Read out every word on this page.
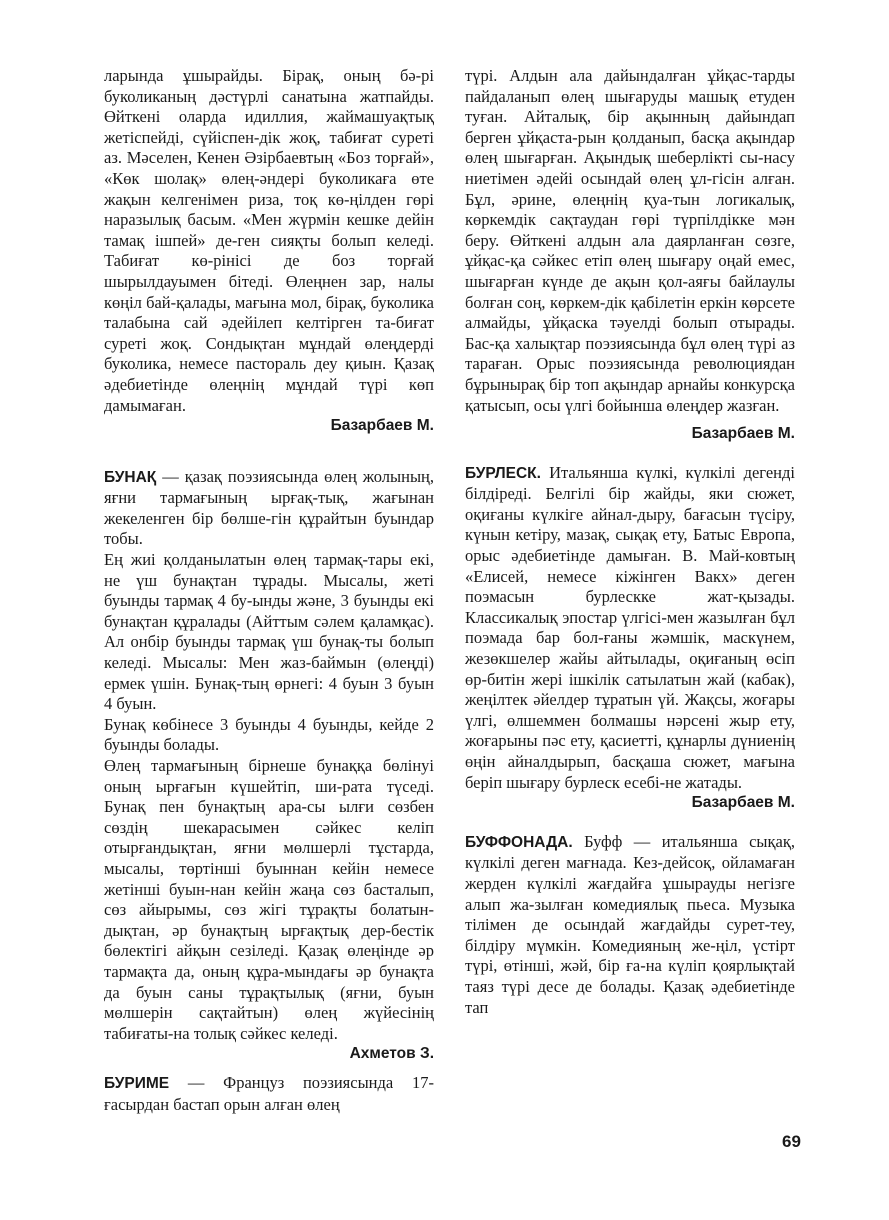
ларында ұшырайды. Бірақ, оның бә-рі буколиканың дәстүрлі санатына жатпайды. Өйткені оларда идиллия, жаймашуақтық жетіспейді, сүйіспен-дік жоқ, табиғат суреті аз. Мәселен, Кенен Әзірбаевтың «Боз торғай», «Көк шолақ» өлең-əндері буколикаға өте жақын келгенімен риза, тоқ кө-ңілден гөрі наразылық басым. «Мен жүрмін кешке дейін тамақ ішпей» де-ген сияқты болып келеді. Табиғат кө-рінісі де боз торғай шырылдауымен бітеді. Өлеңнен зар, налы көңіл бай-қалады, мағына мол, бірақ, буколика талабына сай әдейілеп келтірген та-биғат суреті жоқ. Сондықтан мұндай өлеңдерді буколика, немесе пастораль деу қиын. Қазақ әдебиетінде өлеңнің мұндай түрі көп дамымаған.

Базарбаев М.

БУНАҚ — қазақ поэзиясында өлең жолының, яғни тармағының ырғақ-тық, жағынан жекеленген бір бөлше-гін құрайтын буындар тобы.

Ең жиі қолданылатын өлең тармақ-тары екі, не үш бунақтан тұрады. Мысалы, жеті буынды тармақ 4 бу-ынды және, 3 буынды екі бунақтан құралады (Айттым сәлем қаламқас). Ал онбір буынды тармақ үш бунақ-ты болып келеді. Мысалы: Мен жаз-баймын (өлеңді) ермек үшін. Бунақ-тың өрнегі: 4 буын 3 буын 4 буын.

Бунақ көбінесе 3 буынды 4 буынды, кейде 2 буынды болады.

Өлең тармағының бірнеше бунаққа бөлінуі оның ырғағын күшейтіп, ши-рата түседі. Бунақ пен бунақтың ара-сы ылғи сөзбен сөздің шекарасымен сәйкес келіп отырғандықтан, яғни мөлшерлі тұстарда, мысалы, төртінші буыннан кейін немесе жетінші буын-нан кейін жаңа сөз басталып, сөз айырымы, сөз жігі тұрақты болатын-дықтан, әр бунақтың ырғақтық дер-бестік бөлектігі айқын сезіледі. Қазақ өлеңінде әр тармақта да, оның құра-мындағы әр бунақта да буын саны тұрақтылық (яғни, буын мөлшерін сақтайтын) өлең жүйесінің табиғаты-на толық сәйкес келеді.

Ахметов З.

БУРИМЕ — Француз поэзиясында 17-ғасырдан бастап орын алған өлең

түрі. Алдын ала дайындалған ұйқас-тарды пайдаланып өлең шығаруды машық етуден туған. Айталық, бір ақынның дайындап берген ұйқаста-рын қолданып, басқа ақындар өлең шығарған. Ақындық шеберлікті сы-насу ниетімен әдейі осындай өлең ұл-гісін алған. Бұл, әрине, өлеңнің қуа-тын логикалық, көркемдік сақтаудан гөрі түрпілдікке мән беру. Өйткені алдын ала даярланған сөзге, ұйқас-қа сәйкес етіп өлең шығару оңай емес, шығарған күнде де ақын қол-аяғы байлаулы болған соң, көркем-дік қабілетін еркін көрсете алмайды, ұйқаска тәуелді болып отырады. Бас-қа халықтар поэзиясында бұл өлең түрі аз тараған. Орыс поэзиясында революциядан бұрынырақ бір топ ақындар арнайы конкурсқа қатысып, осы үлгі бойынша өлеңдер жазған.

Базарбаев М.

БУРЛЕСК. Итальянша күлкі, күлкілі дегенді білдіреді. Белгілі бір жайды, яки сюжет, оқиғаны күлкіге айнал-дыру, бағасын түсіру, күнын кетіру, мазақ, сықақ ету, Батыс Европа, орыс әдебиетінде дамыған. В. Май-ковтың «Елисей, немесе кіжінген Вакх» деген поэмасын бурлескке жат-қызады. Классикалық эпостар үлгісі-мен жазылған бұл поэмада бар бол-ғаны жәмшік, маскүнем, жезөкшелер жайы айтылады, оқиғаның өсіп өр-битін жері ішкілік сатылатын жай (кабак), жеңілтек әйелдер тұратын үй. Жақсы, жоғары үлгі, өлшеммен болмашы нәрсені жыр ету, жоғарыны пәс ету, қасиетті, құнарлы дүниенің өңін айналдырып, басқаша сюжет, мағына беріп шығару бурлеск есебі-не жатады.

Базарбаев М.

БУФФОНАДА. Буфф — итальянша сықақ, күлкілі деген мағнада. Кез-дейсоқ, ойламаған жерден күлкілі жағдайға ұшырауды негізге алып жа-зылған комедиялық пьеса. Музыка тілімен де осындай жағдайды сурет-теу, білдіру мүмкін. Комедияның же-ңіл, үстірт түрі, өтінші, жәй, бір ға-на күліп қоярлықтай таяз түрі десе де болады. Қазақ әдебиетінде тап

69
